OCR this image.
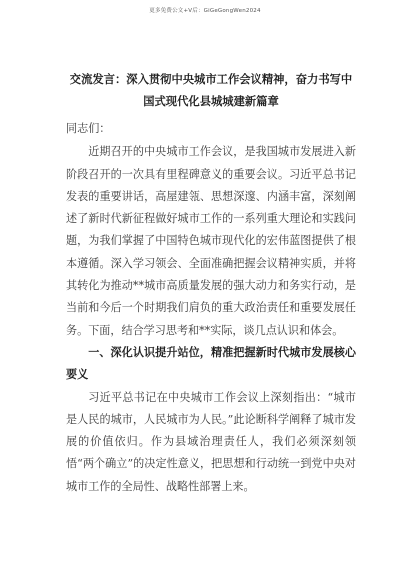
更多免费公文+V后：GiGeGongWen2024
交流发言：深入贯彻中央城市工作会议精神，奋力书写中国式现代化县城城建新篇章

同志们：

近期召开的中央城市工作会议，是我国城市发展进入新阶段召开的一次具有里程碑意义的重要会议。习近平总书记发表的重要讲话，高屋建瓴、思想深邃、内涵丰富，深刻阐述了新时代新征程做好城市工作的一系列重大理论和实践问题，为我们掌握了中国特色城市现代化的宏伟蓝图提供了根本遵循。深入学习领会、全面准确把握会议精神实质，并将其转化为推动**城市高质量发展的强大动力和务实行动，是当前和今后一个时期我们肩负的重大政治责任和重要发展任务。下面，结合学习思考和**实际，谈几点认识和体会。

一、深化认识提升站位，精准把握新时代城市发展核心要义

习近平总书记在中央城市工作会议上深刻指出：“城市是人民的城市，人民城市为人民。”此论断科学阐释了城市发展的价值依归。作为县域治理责任人，我们必须深刻领悟“两个确立”的决定性意义，把思想和行动统一到党中央对城市工作的全局性、战略性部署上来。
